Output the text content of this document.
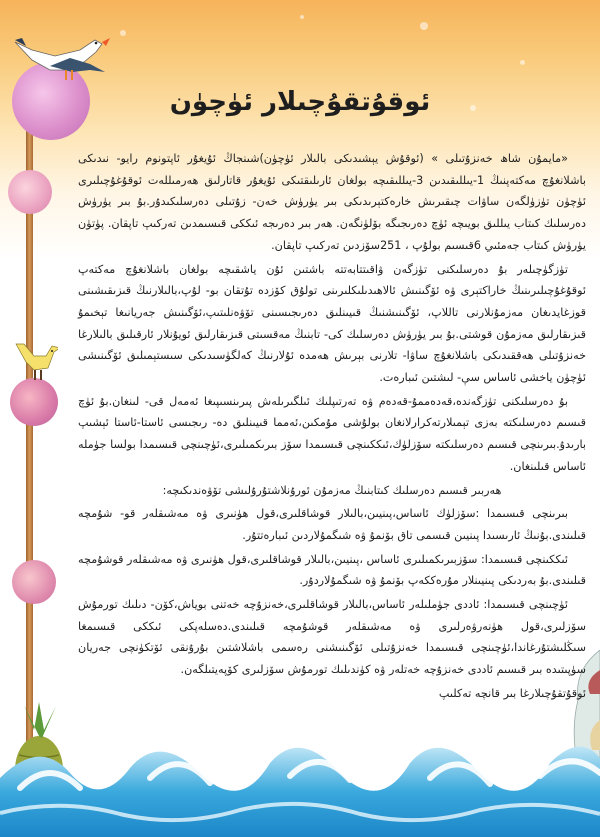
ئوقۇتقۇچىلار ئۈچۈن

«مايمۇن شاھ خەنزۇتىلى » (ئوقۇش يېشىدىكى بالىلار ئۈچۈن)شىنجاڭ ئۇيغۇر ئاپتونوم رايو- نىدىكى باشلانغۇچ مەكتەپنىڭ 1-يىللىقىدىن 3-يىللىقىچە بولغان ئارىلىقتىكى ئۇيغۇر قاتارلىق ھەرمىللەت ئوقۇغۇچىلىرى ئۈچۈن تۈزۈلگەن ساۋات چىقىرىش خارەكتېرىدىكى بىر يۈرۈش خەن- زۇتىلى دەرسلىكىدۇر.بۇ بىر يۈرۈش دەرسلىك كىتاب يىللىق بويىچە ئۈچ دەرىجىگە بۆلۈنگەن. ھەر بىر دەرىجە ئىككى قىسىمدىن تەركىپ تاپقان. پۈتۈن يۈرۈش كىتاب جەمئىي 6قىسىم بولۇپ ، 251سۆزدىن تەركىپ تاپقان.

تۈزگۈچىلەر بۇ دەرسلىكنى تۈزگەن ۋاقىتتابەتتە باشتىن ئۇن ياشقىچە بولغان باشلانغۇچ مەكتەپ ئوقۇغۇچىلىرىنىڭ خاراكتېرى ۋە ئۆگىنىش ئالاھىدىلىكلىرىنى تولۇق كۆزدە تۇتقان بو- لۇپ،بالىلارنىڭ قىزىقىشىنى قوزغايدىغان مەزمۇنلارنى تاللاپ، ئۆگىنىشنىڭ قىيىنلىق دەرىجىسىنى تۆۋەنلىتىپ،ئۆگىنىش جەريانىغا تېخىمۇ قىزىقارلىق مەزمۇن قوشتى.بۇ بىر يۈرۈش دەرسلىك كى- تابنىڭ مەقسىتى قىزىقارلىق ئويۇنلار ئارقىلىق بالىلارغا خەنزۇتىلى ھەققىدىكى باشلانغۇچ ساۋا- تلارنى بېرىش ھەمدە ئۇلارنىڭ كەلگۈسىدىكى سىستېمىلىق ئۆگىنىشى ئۈچۈن ياخشى ئاساس سې- لىشتىن ئىبارەت.

بۇ دەرسلىكنى تۈزگەندە،قەدەممۇ-قەدەم ۋە تەرتىپلىك ئىلگىرىلەش پىرىنسىپىغا ئەمەل قى- لىنغان.بۇ ئۈچ قىسىم دەرسلىكتە بەزى تېمىلارتەكرارلانغان بولۇشى مۇمكىن،ئەمما قىيىنلىق دە- رىجىسى ئاستا-ئاستا ئېشىپ بارىدۇ.بىرىنچى قىسىم دەرسلىكتە سۆزلۈك،ئىككىنچى قىسىمدا سۆز بىرىكمىلىرى،ئۈچىنچى قىسىمدا بولسا جۈملە ئاساس قىلىنغان.

ھەربىر قىسىم دەرسلىك كىتابنىڭ مەزمۇن ئورۇنلاشتۇرۇلىشى تۆۋەندىكىچە:

بىرىنچى قىسىمدا :سۆزلۈك ئاساس،پىنيىن،بالىلار قوشاقلىرى،قول ھۈنىرى ۋە مەشىقلەر قو- شۇمچە قىلىندى.بۇنىڭ ئارىسىدا پىنيىن قىسمى تاق بۆنمۇ ۋە شىگمۇلاردىن ئىبارەتتۇر.

ئىككىنچى قىسىمدا: سۆزبىرىكمىلىرى ئاساس ،پىنيىن،بالىلار قوشاقلىرى،قول ھۈنىرى ۋە مەشىقلەر قوشۇمچە قىلىندى.بۇ بەردىكى پىنيىنلار مۇرەككەپ بۆنمۇ ۋە شىگمۇلاردۇر.

ئۈچىنچى قىسىمدا: ئاددى جۈملىلەر ئاساس،بالىلار قوشاقلىرى،خەنزۇچە خەتنى بوياش،كۆن- دىلىك تورمۇش سۆزلىرى،قول ھۈنەرۋەرلىرى ۋە مەشىقلەر قوشۇمچە قىلىندى.دەسلەپكى ئىككى قىسىمغا سىڭلىشتۇرغاندا،ئۈچىنچى قىسىمدا خەنزۇتىلى ئۆگىنىشنى رەسمى باشلاشتىن بۇرۇنقى ئۆتكۈنچى جەريان سۈپىتىدە بىر قىسىم ئاددى خەنزۇچە خەتلەر ۋە كۈندىلىك تورمۇش سۆزلىرى كۆپەيتىلگەن.

ئوقۇتقۇچىلارغا بىر قانچە تەكلىپ
